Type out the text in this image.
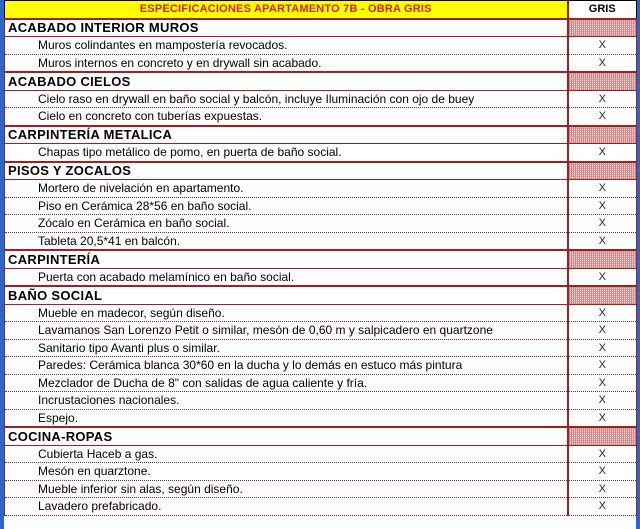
ESPECIFICACIONES APARTAMENTO 7B - OBRA GRIS	GRIS
ACABADO INTERIOR MUROS	
Muros colindantes en mampostería revocados.	X
Muros internos en concreto y en drywall sin acabado.	X
ACABADO CIELOS	
Cielo raso en drywall en baño social y balcón, incluye Iluminación con ojo de buey	X
Cielo en concreto con tuberías expuestas.	X
CARPINTERÍA METALICA	
Chapas tipo metálico de pomo, en puerta de baño social.	X
PISOS Y ZOCALOS	
Mortero de nivelación en apartamento.	X
Piso en Cerámica 28*56 en baño social.	X
Zócalo en Cerámica en baño social.	X
Tableta 20,5*41 en balcón.	X
CARPINTERÍA	
Puerta con acabado melamínico en baño social.	X
BAÑO SOCIAL	
Mueble en madecor, según diseño.	X
Lavamanos San Lorenzo Petit o similar, mesón de 0,60 m y salpicadero en quartzone	X
Sanitario tipo Avanti plus o similar.	X
Paredes: Cerámica blanca 30*60 en la ducha y lo demás en estuco más pintura	X
Mezclador de Ducha de 8" con salidas de agua caliente y fría.	X
Incrustaciones nacionales.	X
Espejo.	X
COCINA-ROPAS	
Cubierta Haceb a gas.	X
Mesón en quarztone.	X
Mueble inferior sin alas, según diseño.	X
Lavadero prefabricado.	X
